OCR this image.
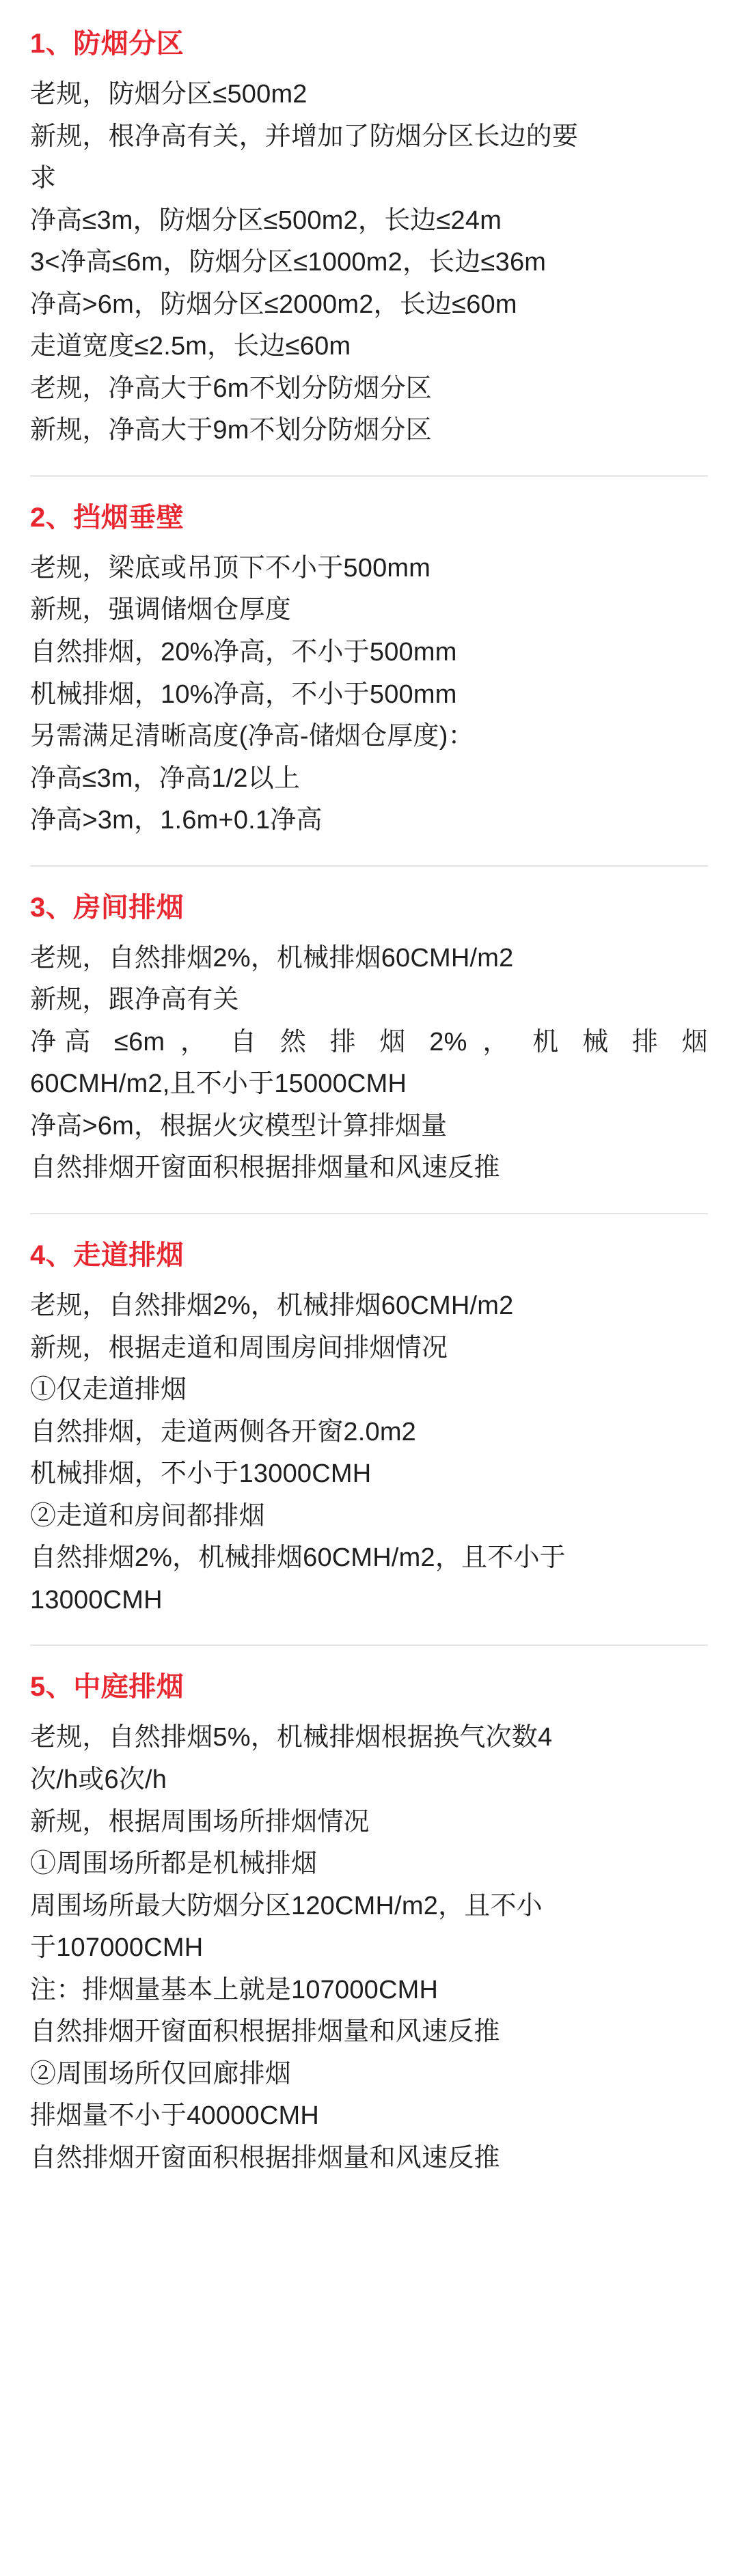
1、防烟分区
老规，防烟分区≤500m2
新规，根净高有关，并增加了防烟分区长边的要
求
净高≤3m，防烟分区≤500m2，长边≤24m
3<净高≤6m，防烟分区≤1000m2，长边≤36m
净高>6m，防烟分区≤2000m2，长边≤60m
走道宽度≤2.5m，长边≤60m
老规，净高大于6m不划分防烟分区
新规，净高大于9m不划分防烟分区
2、挡烟垂壁
老规，梁底或吊顶下不小于500mm
新规，强调储烟仓厚度
自然排烟，20%净高，不小于500mm
机械排烟，10%净高，不小于500mm
另需满足清晰高度(净高-储烟仓厚度)：
净高≤3m，净高1/2以上
净高>3m，1.6m+0.1净高
3、房间排烟
老规，自然排烟2%，机械排烟60CMH/m2
新规，跟净高有关
净高 ≤6m ， 自 然 排 烟 2% ， 机 械 排 烟
60CMH/m2,且不小于15000CMH
净高>6m，根据火灾模型计算排烟量
自然排烟开窗面积根据排烟量和风速反推
4、走道排烟
老规，自然排烟2%，机械排烟60CMH/m2
新规，根据走道和周围房间排烟情况
①仅走道排烟
自然排烟，走道两侧各开窗2.0m2
机械排烟，不小于13000CMH
②走道和房间都排烟
自然排烟2%，机械排烟60CMH/m2，且不小于
13000CMH
5、中庭排烟
老规，自然排烟5%，机械排烟根据换气次数4
次/h或6次/h
新规，根据周围场所排烟情况
①周围场所都是机械排烟
周围场所最大防烟分区120CMH/m2，且不小
于107000CMH
注：排烟量基本上就是107000CMH
自然排烟开窗面积根据排烟量和风速反推
②周围场所仅回廊排烟
排烟量不小于40000CMH
自然排烟开窗面积根据排烟量和风速反推
